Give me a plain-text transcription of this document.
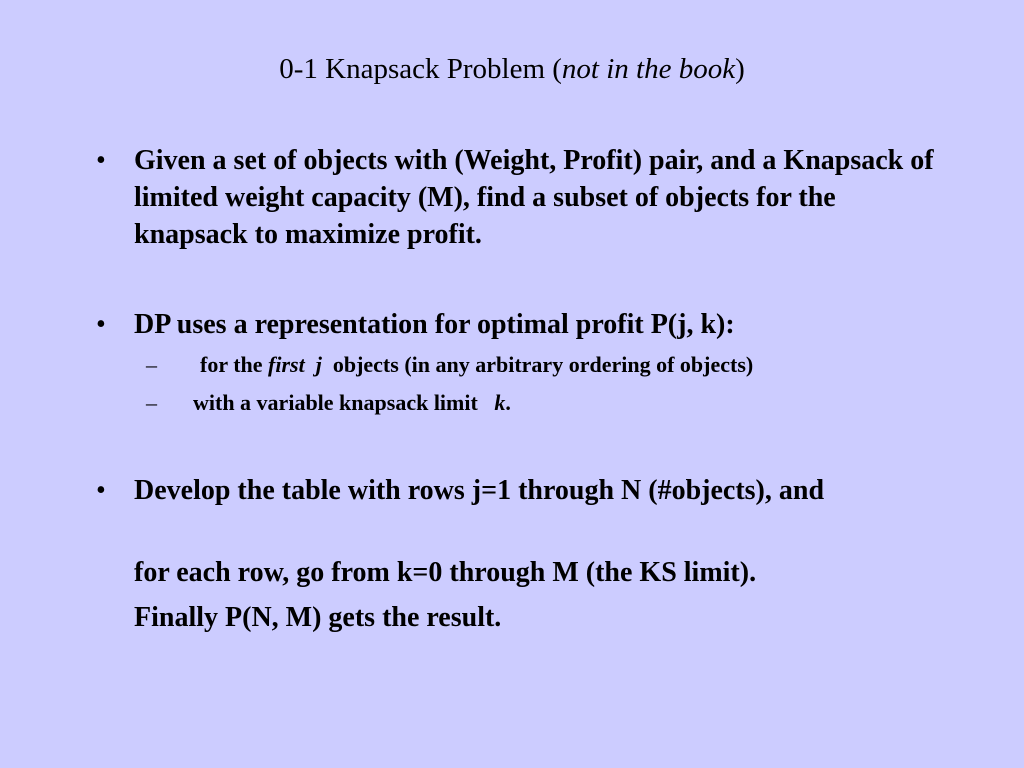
0-1 Knapsack Problem (not in the book)
•	Given a set of objects with (Weight, Profit) pair, and a Knapsack of limited weight capacity (M), find a subset of objects for the knapsack to maximize profit.
•	DP uses a representation for optimal profit P(j, k):
– for the first j  objects (in any arbitrary ordering of objects)
– with a variable knapsack limit k.
•	Develop the table with rows j=1 through N (#objects), and
for each row, go from k=0 through M (the KS limit).
Finally P(N, M) gets the result.
